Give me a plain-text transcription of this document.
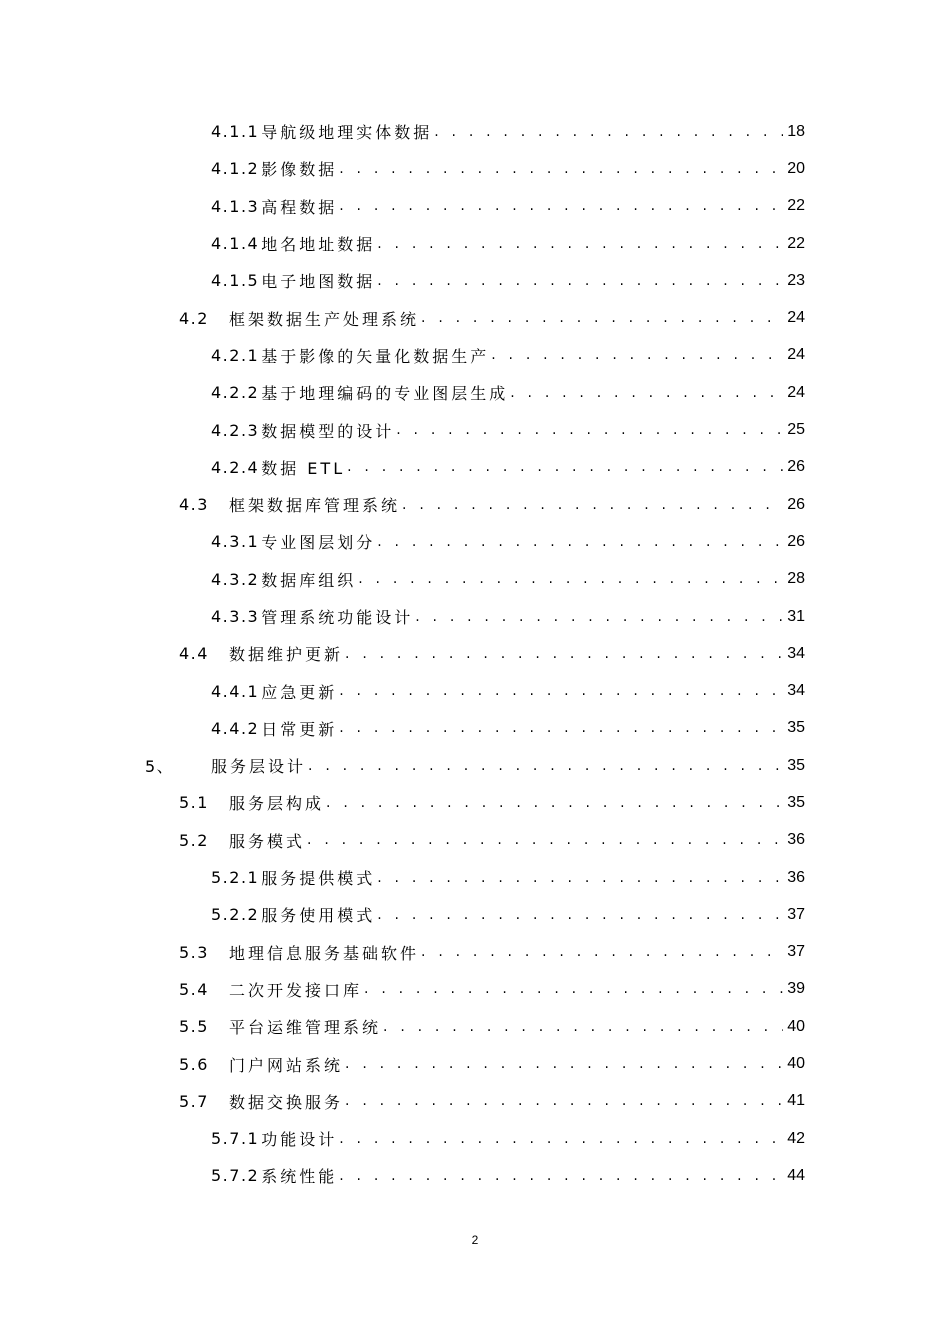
4.1.1 导航级地理实体数据 . . .	18
4.1.2 影像数据 . . .	20
4.1.3 高程数据 . . .	22
4.1.4 地名地址数据 . . .	22
4.1.5 电子地图数据 . . .	23
4.2	框架数据生产处理系统 . . .	24
4.2.1 基于影像的矢量化数据生产 . . .	24
4.2.2 基于地理编码的专业图层生成 . . .	24
4.2.3 数据模型的设计 . . .	25
4.2.4 数据 ETL . . .	26
4.3	框架数据库管理系统 . . .	26
4.3.1 专业图层划分 . . .	26
4.3.2 数据库组织 . . .	28
4.3.3 管理系统功能设计 . . .	31
4.4	数据维护更新 . . .	34
4.4.1 应急更新 . . .	34
4.4.2 日常更新 . . .	35
5、	服务层设计 . . .	35
5.1	服务层构成 . . .	35
5.2	服务模式 . . .	36
5.2.1 服务提供模式 . . .	36
5.2.2 服务使用模式 . . .	37
5.3	地理信息服务基础软件 . . .	37
5.4	二次开发接口库 . . .	39
5.5	平台运维管理系统 . . .	40
5.6	门户网站系统 . . .	40
5.7	数据交换服务 . . .	41
5.7.1 功能设计 . . .	42
5.7.2 系统性能 . . .	44
2
